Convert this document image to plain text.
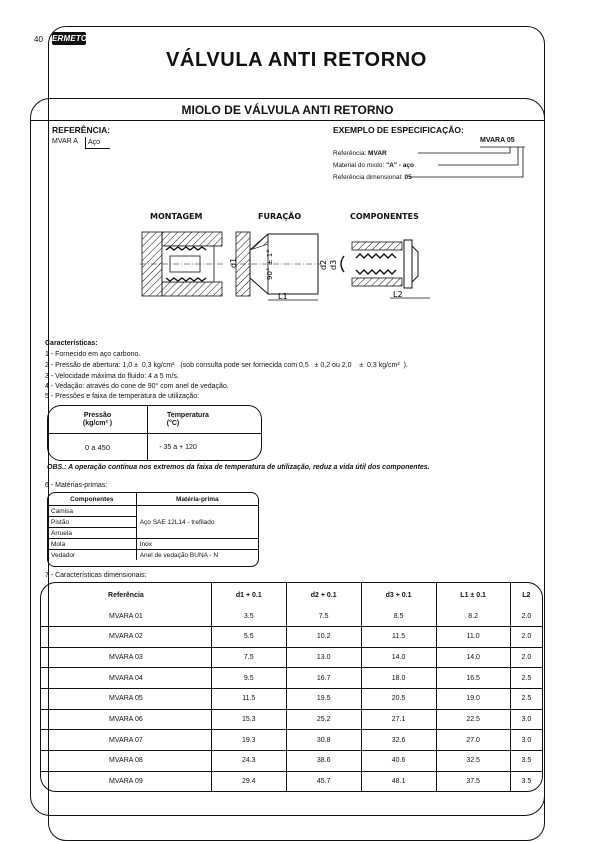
40 ERMETO
VÁLVULA ANTI RETORNO
MIOLO DE VÁLVULA ANTI RETORNO
REFERÊNCIA:
MVAR A Aço
EXEMPLO DE ESPECIFICAÇÃO:
MVARA 05
Referência: MVAR
Material do miolo: "A" - aço
Referência dimensional: 05
MONTAGEM	FURAÇÃO	COMPONENTES
d1	90° ± 1°	d2 d3
L1	L2
Características:
1 - Fornecido em aço carbono.
2 - Pressão de abertura: 1,0 ±  0,3 kg/cm²   (sob consulta pode ser fornecida com 0,5   ± 0,2 ou 2,0    ±  0,3 kg/cm²  ).
3 - Velocidade máxima do fluido: 4 a 5 m/s.
4 - Vedação: através do cone de 90° com anel de vedação.
5 - Pressões e faixa de temperatura de utilização:
Pressão
(kg/cm² )
Temperatura
(°C)
0 a 450	- 35 a + 120
OBS.: A operação contínua nos extremos da faixa de temperatura de utilização, reduz a vida útil dos componentes.
6 - Matérias-primas:
Componentes	Matéria-prima
Camisa	Aço SAE 12L14 - trefilado
Pistão	
Arruela	
Mola	Inox
Vedador	Anel de vedação BUNA - N
7 - Características dimensionais:
Referência	d1 + 0.1	d2 + 0.1	d3 + 0.1	L1 ± 0.1	L2
MVARA 01	3.5	7.5	8.5	8.2	2.0
MVARA 02	5.5	10.2	11.5	11.0	2.0
MVARA 03	7.5	13.0	14.0	14.0	2.0
MVARA 04	9.5	16.7	18.0	16.5	2.5
MVARA 05	11.5	19.5	20.5	19.0	2.5
MVARA 06	15.3	25.2	27.1	22.5	3.0
MVARA 07	19.3	30.8	32.6	27.0	3.0
MVARA 08	24.3	38.6	40.6	32.5	3.5
MVARA 09	29.4	45.7	48.1	37.5	3.5
